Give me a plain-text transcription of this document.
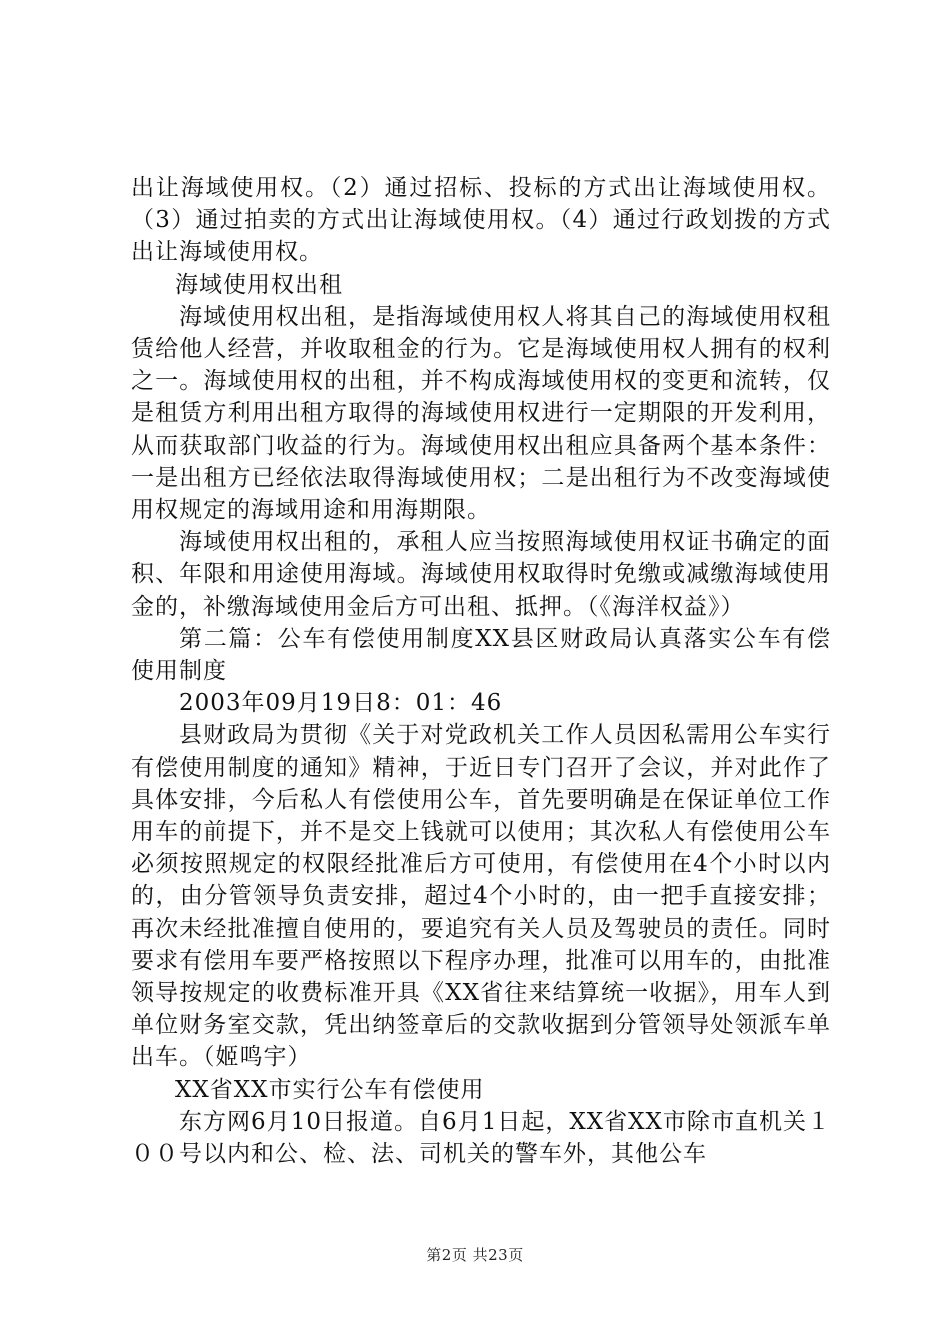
出让海域使用权。（2）通过招标、投标的方式出让海域使用权。（3）通过拍卖的方式出让海域使用权。（4）通过行政划拨的方式出让海域使用权。

海域使用权出租

海域使用权出租，是指海域使用权人将其自己的海域使用权租赁给他人经营，并收取租金的行为。它是海域使用权人拥有的权利之一。海域使用权的出租，并不构成海域使用权的变更和流转，仅是租赁方利用出租方取得的海域使用权进行一定期限的开发利用，从而获取部门收益的行为。海域使用权出租应具备两个基本条件：一是出租方已经依法取得海域使用权；二是出租行为不改变海域使用权规定的海域用途和用海期限。

海域使用权出租的，承租人应当按照海域使用权证书确定的面积、年限和用途使用海域。海域使用权取得时免缴或减缴海域使用金的，补缴海域使用金后方可出租、抵押。（《海洋权益》）

第二篇：公车有偿使用制度XX县区财政局认真落实公车有偿使用制度

2003年09月19日8：01：46

县财政局为贯彻《关于对党政机关工作人员因私需用公车实行有偿使用制度的通知》精神，于近日专门召开了会议，并对此作了具体安排，今后私人有偿使用公车，首先要明确是在保证单位工作用车的前提下，并不是交上钱就可以使用；其次私人有偿使用公车必须按照规定的权限经批准后方可使用，有偿使用在4个小时以内的，由分管领导负责安排，超过4个小时的，由一把手直接安排；再次未经批准擅自使用的，要追究有关人员及驾驶员的责任。同时要求有偿用车要严格按照以下程序办理，批准可以用车的，由批准领导按规定的收费标准开具《XX省往来结算统一收据》，用车人到单位财务室交款，凭出纳签章后的交款收据到分管领导处领派车单出车。（姬鸣宇）

XX省XX市实行公车有偿使用

东方网6月10日报道。自6月1日起，XX省XX市除市直机关１００号以内和公、检、法、司机关的警车外，其他公车

第2页 共23页
